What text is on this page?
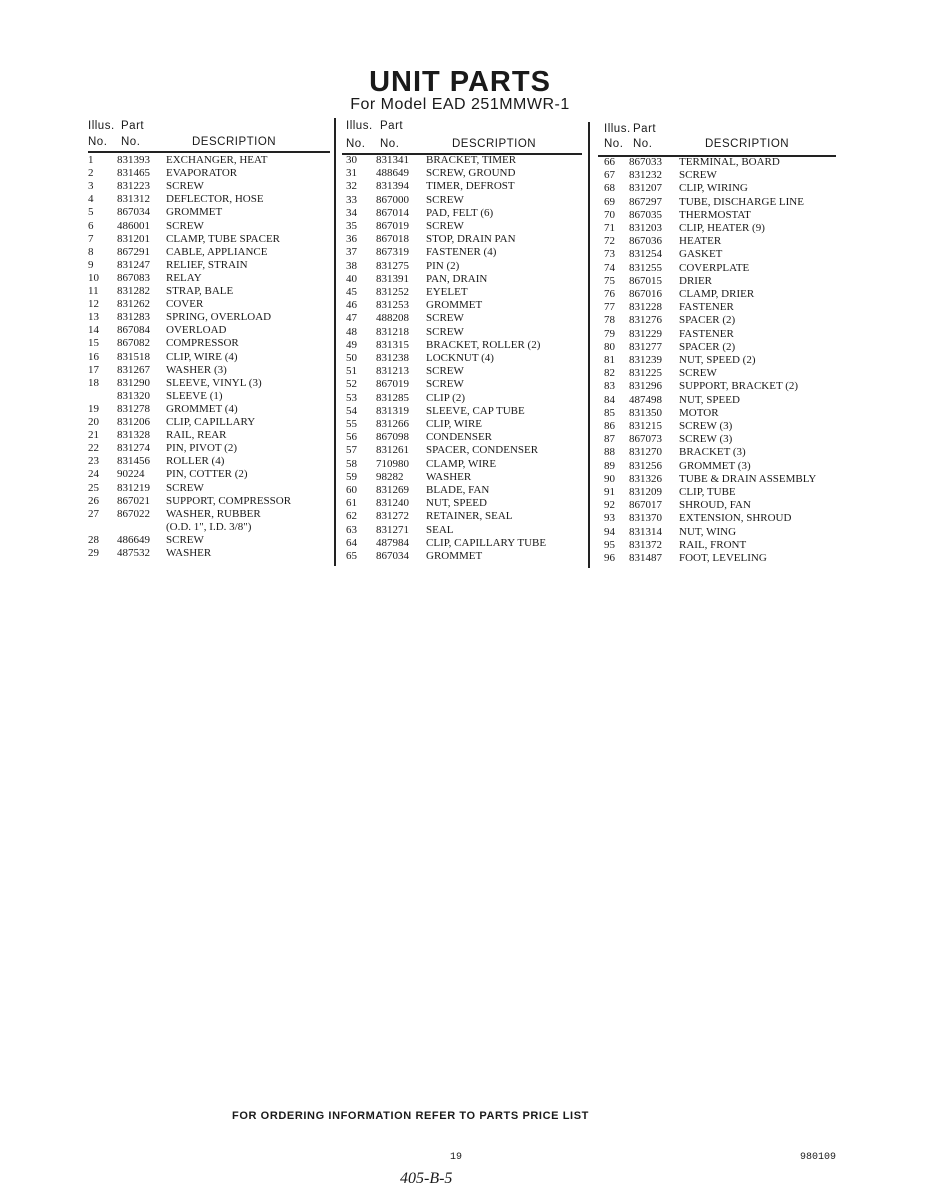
UNIT PARTS
For Model EAD 251MMWR-1
Illus. Part
No. No.	DESCRIPTION
1 831393 EXCHANGER, HEAT
2 831465 EVAPORATOR
3 831223 SCREW
4 831312 DEFLECTOR, HOSE
5 867034 GROMMET
6 486001 SCREW
7 831201 CLAMP, TUBE SPACER
8 867291 CABLE, APPLIANCE
9 831247 RELIEF, STRAIN
10 867083 RELAY
11 831282 STRAP, BALE
12 831262 COVER
13 831283 SPRING, OVERLOAD
14 867084 OVERLOAD
15 867082 COMPRESSOR
16 831518 CLIP, WIRE (4)
17 831267 WASHER (3)
18 831290 SLEEVE, VINYL (3)
831320 SLEEVE (1)
19 831278 GROMMET (4)
20 831206 CLIP, CAPILLARY
21 831328 RAIL, REAR
22 831274 PIN, PIVOT (2)
23 831456 ROLLER (4)
24 90224 PIN, COTTER (2)
25 831219 SCREW
26 867021 SUPPORT, COMPRESSOR
27 867022 WASHER, RUBBER
(O.D. 1", I.D. 3/8")
28 486649 SCREW
29 487532 WASHER
Illus. Part
No. No.	DESCRIPTION
30 831341 BRACKET, TIMER
31 488649 SCREW, GROUND
32 831394 TIMER, DEFROST
33 867000 SCREW
34 867014 PAD, FELT (6)
35 867019 SCREW
36 867018 STOP, DRAIN PAN
37 867319 FASTENER (4)
38 831275 PIN (2)
40 831391 PAN, DRAIN
45 831252 EYELET
46 831253 GROMMET
47 488208 SCREW
48 831218 SCREW
49 831315 BRACKET, ROLLER (2)
50 831238 LOCKNUT (4)
51 831213 SCREW
52 867019 SCREW
53 831285 CLIP (2)
54 831319 SLEEVE, CAP TUBE
55 831266 CLIP, WIRE
56 867098 CONDENSER
57 831261 SPACER, CONDENSER
58 710980 CLAMP, WIRE
59 98282 WASHER
60 831269 BLADE, FAN
61 831240 NUT, SPEED
62 831272 RETAINER, SEAL
63 831271 SEAL
64 487984 CLIP, CAPILLARY TUBE
65 867034 GROMMET
Illus. Part
No. No.	DESCRIPTION
66 867033 TERMINAL, BOARD
67 831232 SCREW
68 831207 CLIP, WIRING
69 867297 TUBE, DISCHARGE LINE
70 867035 THERMOSTAT
71 831203 CLIP, HEATER (9)
72 867036 HEATER
73 831254 GASKET
74 831255 COVERPLATE
75 867015 DRIER
76 867016 CLAMP, DRIER
77 831228 FASTENER
78 831276 SPACER (2)
79 831229 FASTENER
80 831277 SPACER (2)
81 831239 NUT, SPEED (2)
82 831225 SCREW
83 831296 SUPPORT, BRACKET (2)
84 487498 NUT, SPEED
85 831350 MOTOR
86 831215 SCREW (3)
87 867073 SCREW (3)
88 831270 BRACKET (3)
89 831256 GROMMET (3)
90 831326 TUBE & DRAIN ASSEMBLY
91 831209 CLIP, TUBE
92 867017 SHROUD, FAN
93 831370 EXTENSION, SHROUD
94 831314 NUT, WING
95 831372 RAIL, FRONT
96 831487 FOOT, LEVELING
FOR ORDERING INFORMATION REFER TO PARTS PRICE LIST
19	980109
405-B-5
